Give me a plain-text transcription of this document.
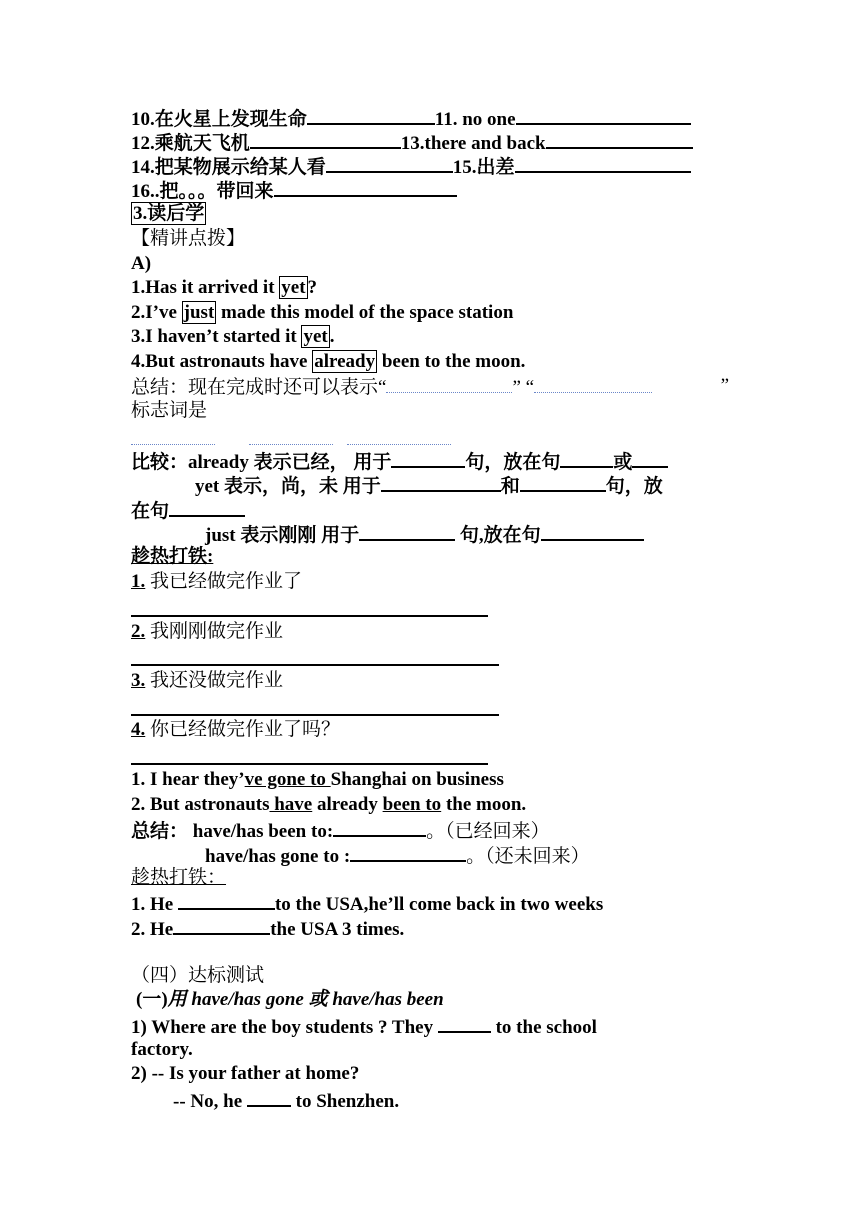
10.在火星上发现生命	11. no one
12.乘航天飞机	13.there and back
14.把某物展示给某人看	15.出差
16..把。。。带回来
3.读后学
【精讲点拨】
A)
1.Has it arrived it yet ?
2.I’ve just made this model of the space station
3.I haven’t started it yet .
4.But astronauts have already been to the moon.
总结：现在完成时还可以表示“	” “	”
标志词是
比较：already 表示已经， 用于	句，放在句	或
yet 表示，尚，未 用于	和	句，放
在句
just 表示刚刚 用于	句,放在句
趁热打铁:
1. 我已经做完作业了
2. 我刚刚做完作业
3. 我还没做完作业
4. 你已经做完作业了吗？
1. I hear they’ve gone to Shanghai on business
2. But astronauts have already been to the moon.
总结： have/has been to:	。（已经回来）
have/has gone to :	。（还未回来）
趁热打铁：
1. He	to the USA,he’ll come back in two weeks
2. He	the USA 3 times.
（四）达标测试
(一)用 have/has gone 或 have/has been
1) Where are the boy students ? They	to the school
factory.
2) -- Is your father at home?
-- No, he  to Shenzhen.
